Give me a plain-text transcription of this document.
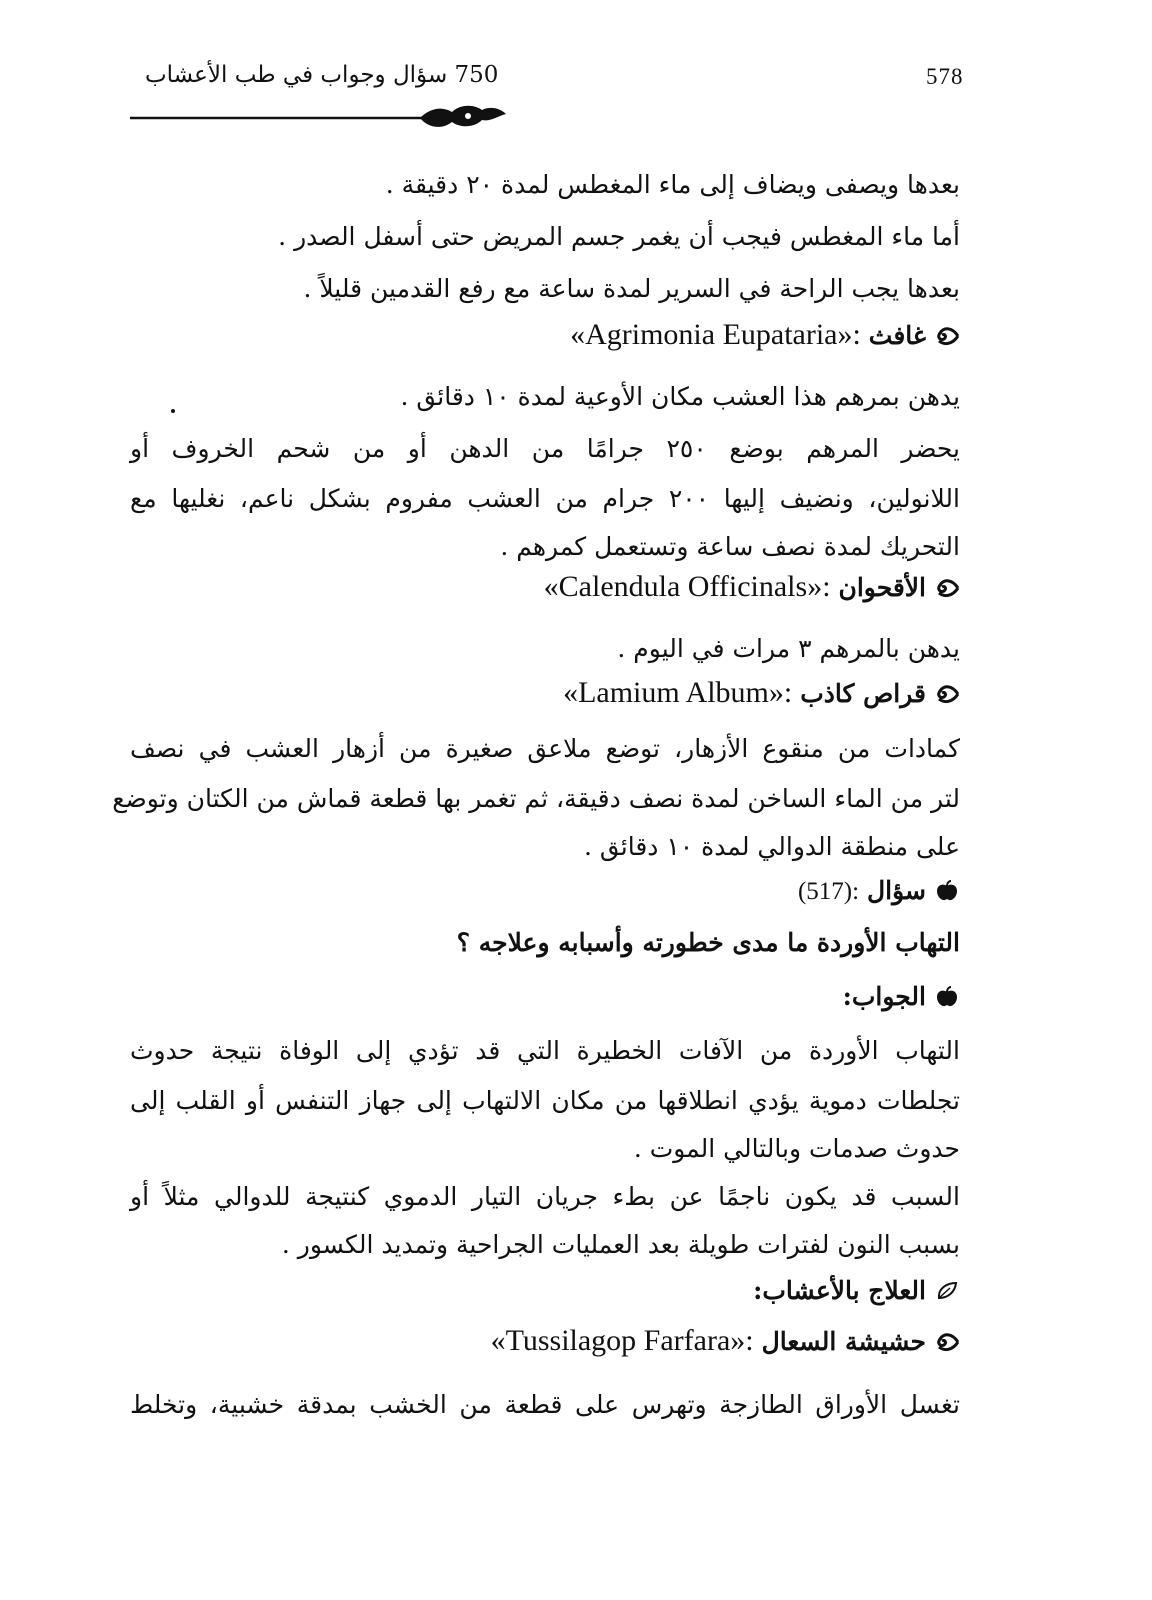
750 سؤال وجواب في طب الأعشاب	578
بعدها ويصفى ويضاف إلى ماء المغطس لمدة ٢٠ دقيقة .
أما ماء المغطس فيجب أن يغمر جسم المريض حتى أسفل الصدر .
بعدها يجب الراحة في السرير لمدة ساعة مع رفع القدمين قليلاً .
غافث «Agrimonia Eupataria»:
يدهن بمرهم هذا العشب مكان الأوعية لمدة ١٠ دقائق .
يحضر المرهم بوضع ٢٥٠ جرامًا من الدهن أو من شحم الخروف أو
اللانولين، ونضيف إليها ٢٠٠ جرام من العشب مفروم بشكل ناعم، نغليها مع
التحريك لمدة نصف ساعة وتستعمل كمرهم .
الأقحوان «Calendula Officinals»:
يدهن بالمرهم ٣ مرات في اليوم .
قراص كاذب «Lamium Album»:
كمادات من منقوع الأزهار، توضع ملاعق صغيرة من أزهار العشب في نصف
لتر من الماء الساخن لمدة نصف دقيقة، ثم تغمر بها قطعة قماش من الكتان وتوضع
على منطقة الدوالي لمدة ١٠ دقائق .
سؤال (517):
التهاب الأوردة ما مدى خطورته وأسبابه وعلاجه ؟
الجواب:
التهاب الأوردة من الآفات الخطيرة التي قد تؤدي إلى الوفاة نتيجة حدوث
تجلطات دموية يؤدي انطلاقها من مكان الالتهاب إلى جهاز التنفس أو القلب إلى
حدوث صدمات وبالتالي الموت .
السبب قد يكون ناجمًا عن بطء جريان التيار الدموي كنتيجة للدوالي مثلاً أو
بسبب النون لفترات طويلة بعد العمليات الجراحية وتمديد الكسور .
العلاج بالأعشاب:
حشيشة السعال «Tussilagop Farfara»:
تغسل الأوراق الطازجة وتهرس على قطعة من الخشب بمدقة خشبية، وتخلط
